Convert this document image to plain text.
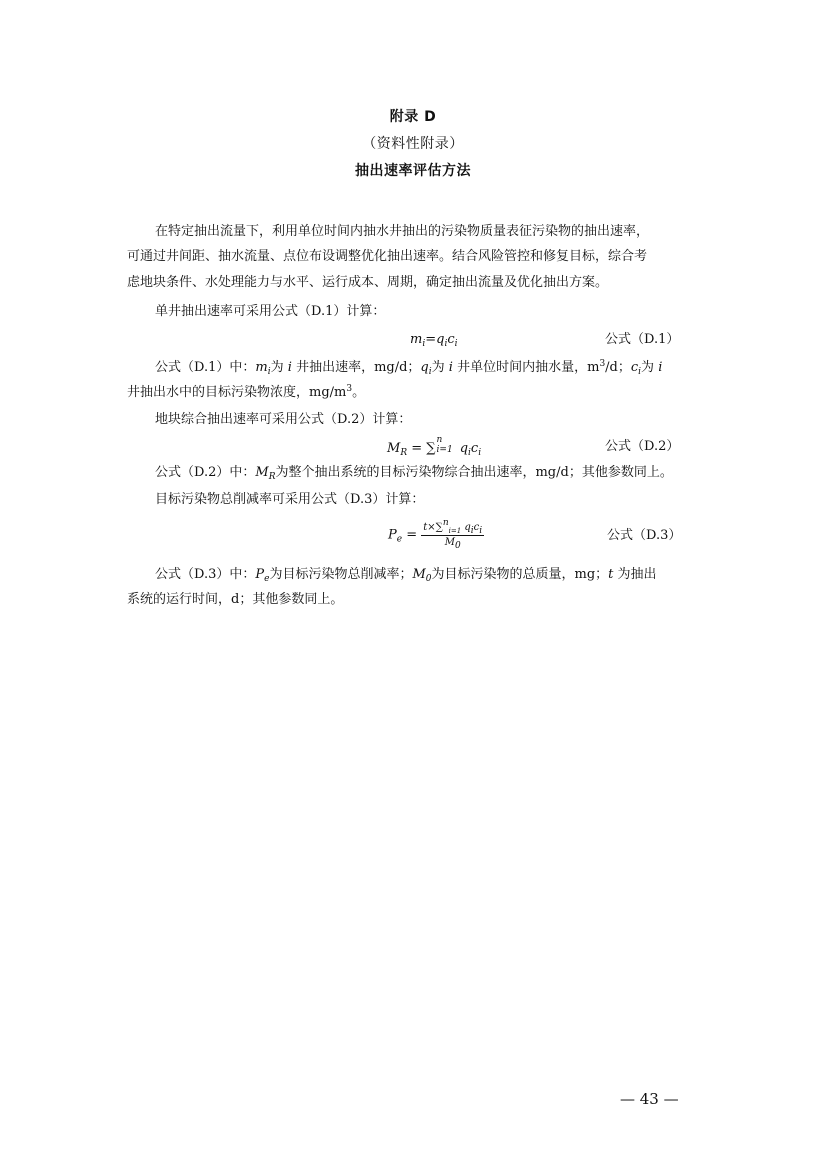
附录 D
（资料性附录）
抽出速率评估方法
在特定抽出流量下，利用单位时间内抽水井抽出的污染物质量表征污染物的抽出速率，
可通过井间距、抽水流量、点位布设调整优化抽出速率。结合风险管控和修复目标，综合考
虑地块条件、水处理能力与水平、运行成本、周期，确定抽出流量及优化抽出方案。
单井抽出速率可采用公式（D.1）计算：
$m_i=q_ic_i$	公式（D.1）
公式（D.1）中：$m_i$为 i 井抽出速率，mg/d；$q_i$为 i 井单位时间内抽水量，$m^3/d$；$c_i$为 i
井抽出水中的目标污染物浓度，$mg/m^3$。
地块综合抽出速率可采用公式（D.2）计算：
$M_R$ = ∑
n
i=1 $q_ic_i$	公式（D.2）
公式（D.2）中：$M_R$为整个抽出系统的目标污染物综合抽出速率，mg/d；其他参数同上。
目标污染物总削减率可采用公式（D.3）计算：
$P_e = \frac{t\times\sum^n_{i=1} q_ic_i}{M_0}$	公式（D.3）
公式（D.3）中：$P_e$为目标污染物总削减率；$M_0$为目标污染物的总质量，mg；t 为抽出
系统的运行时间，d；其他参数同上。
— 43 —
